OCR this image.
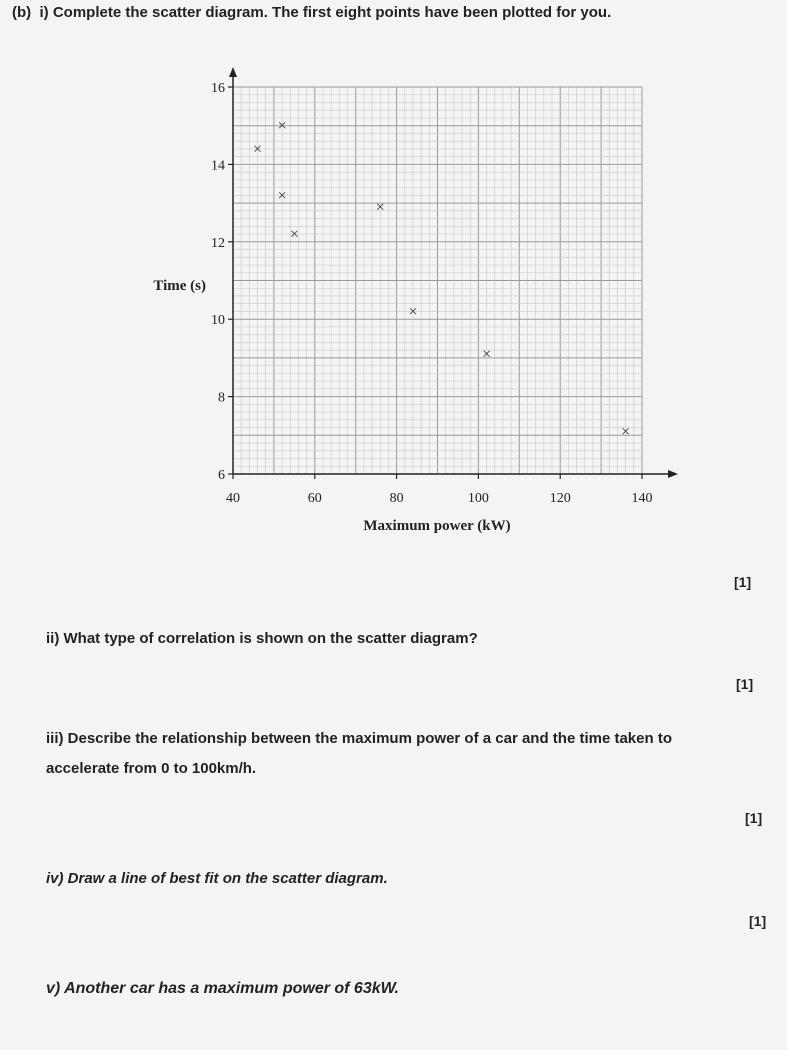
(b) i) Complete the scatter diagram. The first eight points have been plotted for you.

40	60	80	100	120	140
6
8
10
12
14
16
×
×
×
×
×
×
×
×
Maximum power (kW)
Time (s)
[1]

ii) What type of correlation is shown on the scatter diagram?

[1]

iii) Describe the relationship between the maximum power of a car and the time taken to

accelerate from 0 to 100km/h.

[1]

iv) Draw a line of best fit on the scatter diagram.

[1]

v) Another car has a maximum power of 63kW.
